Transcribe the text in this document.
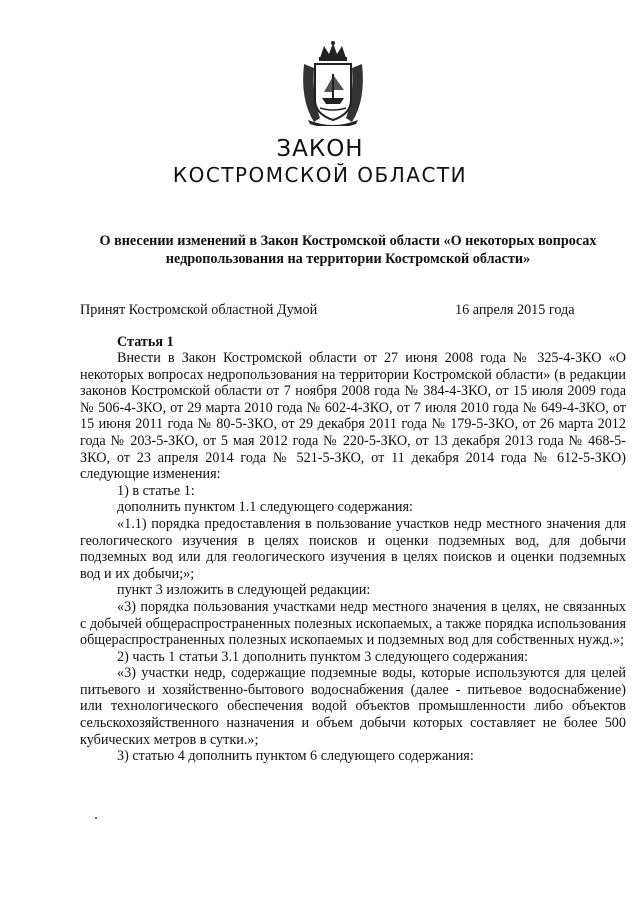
ЗАКОН
КОСТРОМСКОЙ ОБЛАСТИ
О внесении изменений в Закон Костромской области «О некоторых вопросах недропользования на территории Костромской области»
Принят Костромской областной Думой	16 апреля 2015 года
Статья 1

Внести в Закон Костромской области от 27 июня 2008 года № 325-4-ЗКО «О некоторых вопросах недропользования на территории Костромской области» (в редакции законов Костромской области от 7 ноября 2008 года № 384-4-ЗКО, от 15 июля 2009 года № 506-4-ЗКО, от 29 марта 2010 года № 602-4-ЗКО, от 7 июля 2010 года № 649-4-ЗКО, от 15 июня 2011 года № 80-5-ЗКО, от 29 декабря 2011 года № 179-5-ЗКО, от 26 марта 2012 года № 203-5-ЗКО, от 5 мая 2012 года № 220-5-ЗКО, от 13 декабря 2013 года № 468-5-ЗКО, от 23 апреля 2014 года № 521-5-ЗКО, от 11 декабря 2014 года № 612-5-ЗКО) следующие изменения:

1) в статье 1:

дополнить пунктом 1.1 следующего содержания:

«1.1) порядка предоставления в пользование участков недр местного значения для геологического изучения в целях поисков и оценки подземных вод, для добычи подземных вод или для геологического изучения в целях поисков и оценки подземных вод и их добычи;»;

пункт 3 изложить в следующей редакции:

«3) порядка пользования участками недр местного значения в целях, не связанных с добычей общераспространенных полезных ископаемых, а также порядка использования общераспространенных полезных ископаемых и подземных вод для собственных нужд.»;

2) часть 1 статьи 3.1 дополнить пунктом 3 следующего содержания:

«3) участки недр, содержащие подземные воды, которые используются для целей питьевого и хозяйственно-бытового водоснабжения (далее - питьевое водоснабжение) или технологического обеспечения водой объектов промышленности либо объектов сельскохозяйственного назначения и объем добычи которых составляет не более 500 кубических метров в сутки.»;

3) статью 4 дополнить пунктом 6 следующего содержания:
